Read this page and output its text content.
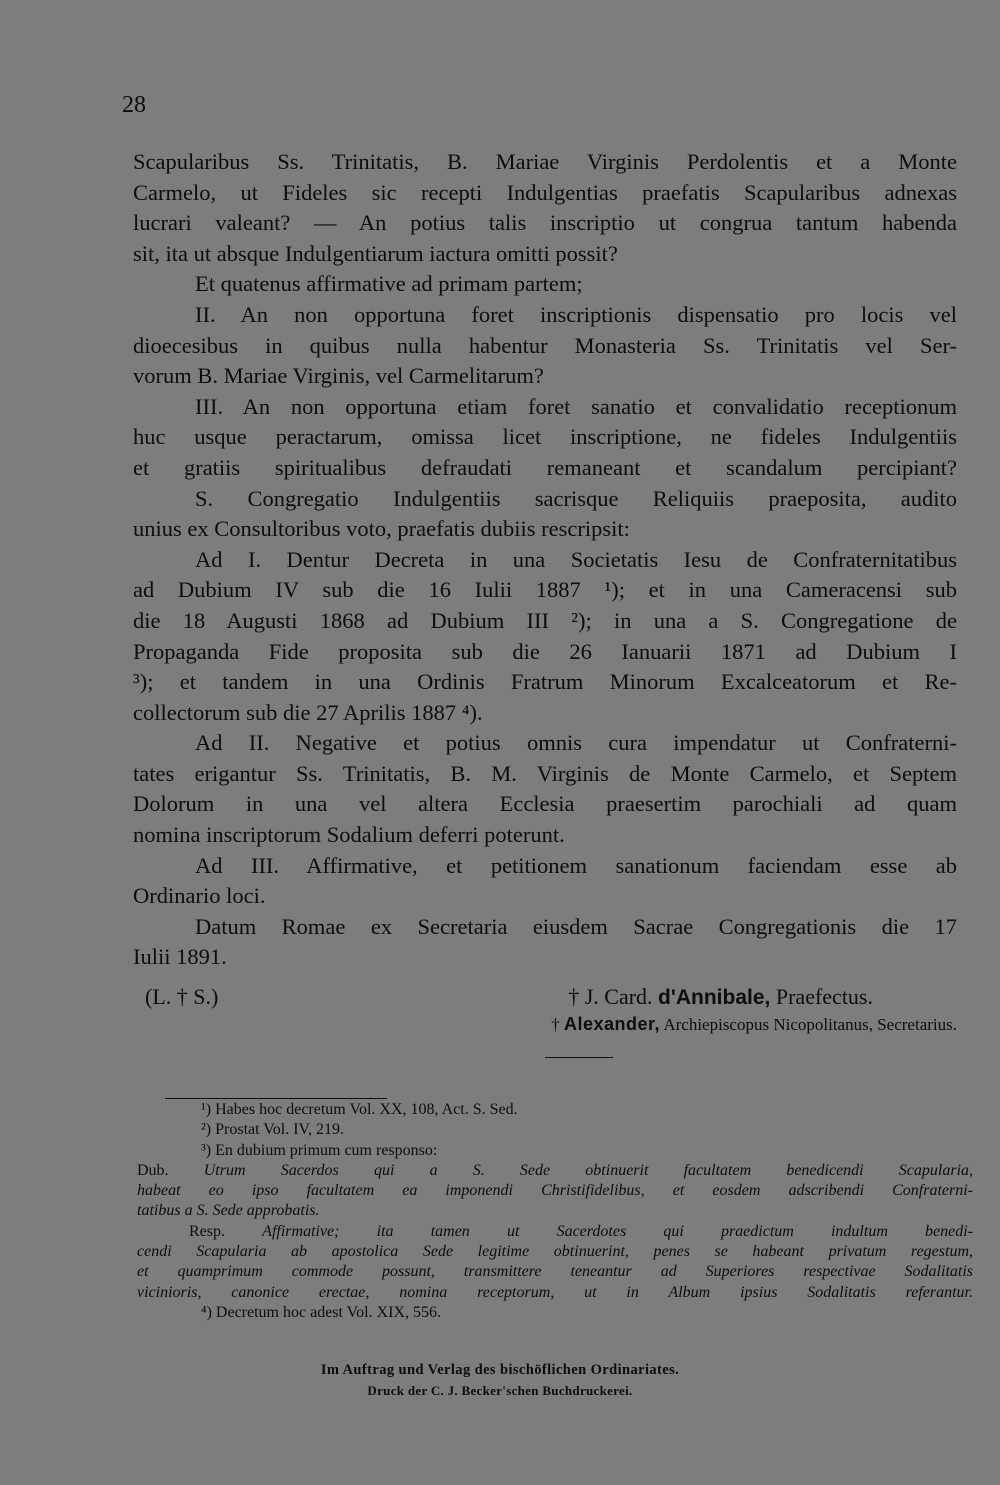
28
Scapularibus Ss. Trinitatis, B. Mariae Virginis Perdolentis et a Monte
Carmelo, ut Fideles sic recepti Indulgentias praefatis Scapularibus adnexas
lucrari valeant? — An potius talis inscriptio ut congrua tantum habenda
sit, ita ut absque Indulgentiarum iactura omitti possit?
Et quatenus affirmative ad primam partem;
II. An non opportuna foret inscriptionis dispensatio pro locis vel
dioecesibus in quibus nulla habentur Monasteria Ss. Trinitatis vel Ser-
vorum B. Mariae Virginis, vel Carmelitarum?
III. An non opportuna etiam foret sanatio et convalidatio receptionum
huc usque peractarum, omissa licet inscriptione, ne fideles Indulgentiis
et gratiis spiritualibus defraudati remaneant et scandalum percipiant?
S. Congregatio Indulgentiis sacrisque Reliquiis praeposita, audito
unius ex Consultoribus voto, praefatis dubiis rescripsit:
Ad I. Dentur Decreta in una Societatis Iesu de Confraternitatibus
ad Dubium IV sub die 16 Iulii 1887 ¹); et in una Cameracensi sub
die 18 Augusti 1868 ad Dubium III ²); in una a S. Congregatione de
Propaganda Fide proposita sub die 26 Ianuarii 1871 ad Dubium I
³); et tandem in una Ordinis Fratrum Minorum Excalceatorum et Re-
collectorum sub die 27 Aprilis 1887 ⁴).
Ad II. Negative et potius omnis cura impendatur ut Confraterni-
tates erigantur Ss. Trinitatis, B. M. Virginis de Monte Carmelo, et Septem
Dolorum in una vel altera Ecclesia praesertim parochiali ad quam
nomina inscriptorum Sodalium deferri poterunt.
Ad III. Affirmative, et petitionem sanationum faciendam esse ab
Ordinario loci.
Datum Romae ex Secretaria eiusdem Sacrae Congregationis die 17
Iulii 1891.
(L. † S.)	† J. Card. d'Annibale, Praefectus.
† Alexander, Archiepiscopus Nicopolitanus, Secretarius.
¹) Habes hoc decretum Vol. XX, 108, Act. S. Sed.
²) Prostat Vol. IV, 219.
³) En dubium primum cum responso:
Dub. Utrum Sacerdos qui a S. Sede obtinuerit facultatem benedicendi Scapularia,
habeat eo ipso facultatem ea imponendi Christifidelibus, et eosdem adscribendi Confraterni-
tatibus a S. Sede approbatis.
Resp. Affirmative; ita tamen ut Sacerdotes qui praedictum indultum benedi-
cendi Scapularia ab apostolica Sede legitime obtinuerint, penes se habeant privatum regestum,
et quamprimum commode possunt, transmittere teneantur ad Superiores respectivae Sodalitatis
vicinioris, canonice erectae, nomina receptorum, ut in Album ipsius Sodalitatis referantur.
⁴) Decretum hoc adest Vol. XIX, 556.
Im Auftrag und Verlag des bischöflichen Ordinariates.
Druck der C. J. Becker'schen Buchdruckerei.
